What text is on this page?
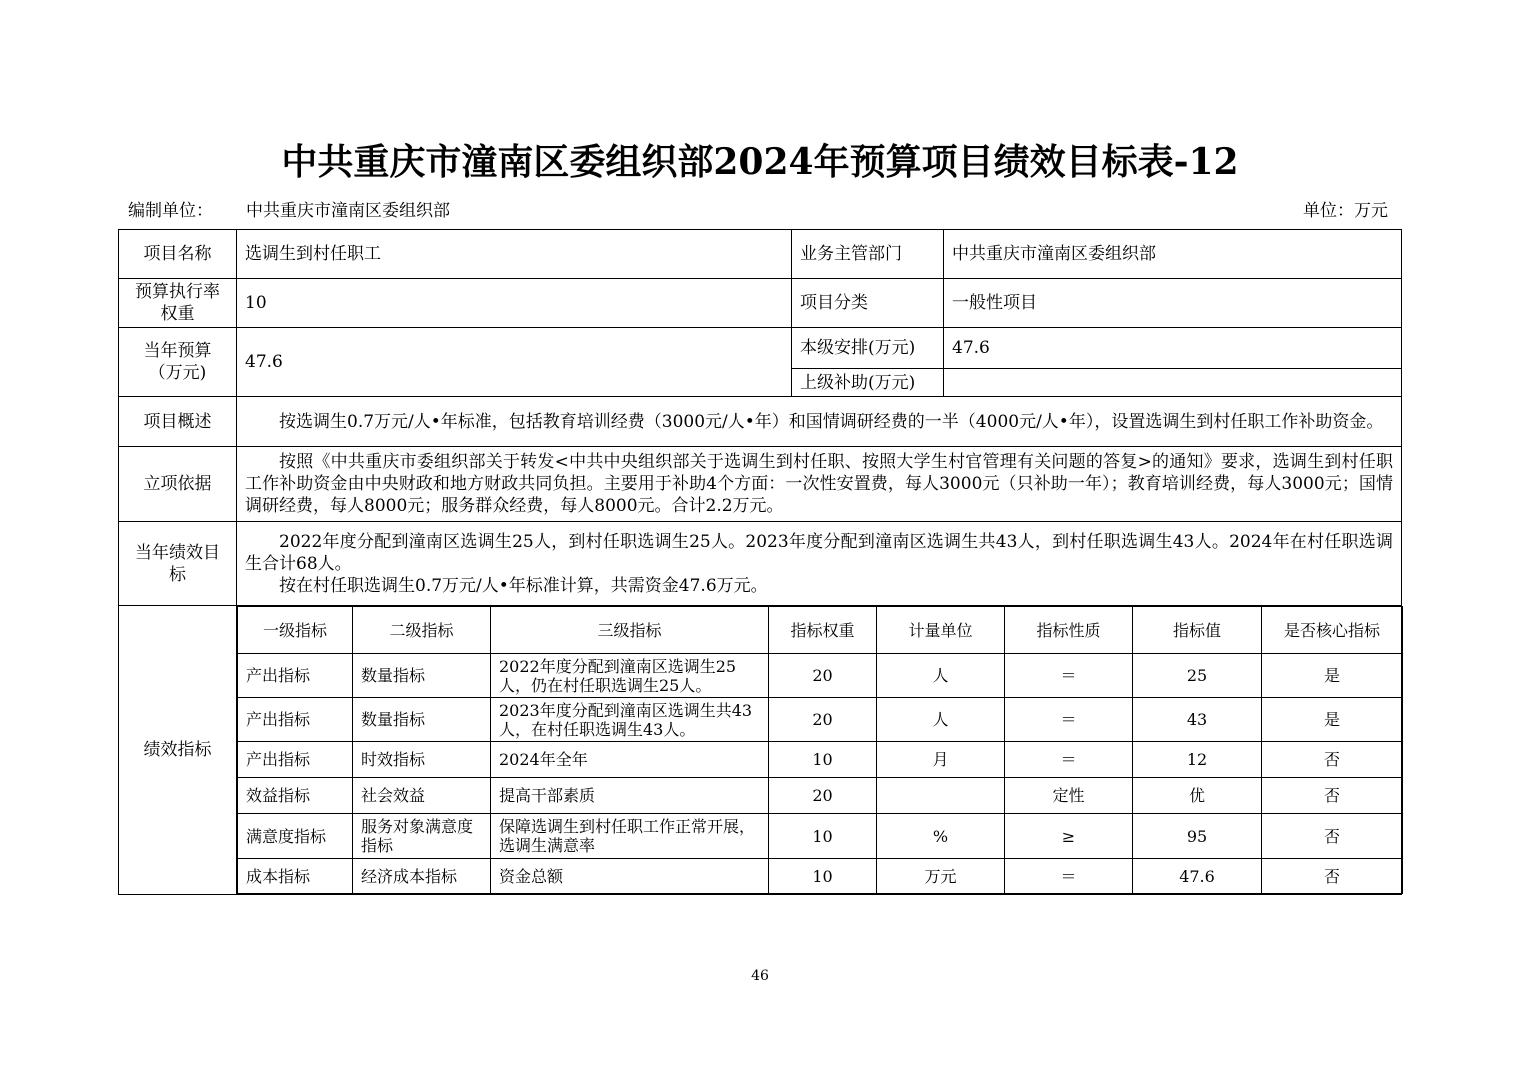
中共重庆市潼南区委组织部2024年预算项目绩效目标表-12
编制单位： 中共重庆市潼南区委组织部	单位：万元
项目名称	选调生到村任职工	业务主管部门	中共重庆市潼南区委组织部
预算执行率权重	10	项目分类	一般性项目
当年预算（万元)	47.6	本级安排(万元)	47.6
上级补助(万元)	
项目概述	按选调生0.7万元/人•年标准，包括教育培训经费（3000元/人•年）和国情调研经费的一半（4000元/人•年），设置选调生到村任职工作补助资金。
立项依据	按照《中共重庆市委组织部关于转发<中共中央组织部关于选调生到村任职、按照大学生村官管理有关问题的答复>的通知》要求，选调生到村任职工作补助资金由中央财政和地方财政共同负担。主要用于补助4个方面：一次性安置费，每人3000元（只补助一年）；教育培训经费，每人3000元；国情调研经费，每人8000元；服务群众经费，每人8000元。合计2.2万元。
当年绩效目标	
2022年度分配到潼南区选调生25人，到村任职选调生25人。2023年度分配到潼南区选调生共43人，到村任职选调生43人。2024年在村任职选调生合计68人。
按在村任职选调生0.7万元/人•年标准计算，共需资金47.6万元。

绩效指标	
一级指标	二级指标	三级指标	指标权重	计量单位	指标性质	指标值	是否核心指标
产出指标	数量指标	2022年度分配到潼南区选调生25人，仍在村任职选调生25人。	20	人	＝	25	是
产出指标	数量指标	2023年度分配到潼南区选调生共43人，在村任职选调生43人。	20	人	＝	43	是
产出指标	时效指标	2024年全年	10	月	＝	12	否
效益指标	社会效益	提高干部素质	20		定性	优	否
满意度指标	服务对象满意度指标	保障选调生到村任职工作正常开展，选调生满意率	10	%	≥	95	否
成本指标	经济成本指标	资金总额	10	万元	＝	47.6	否
46
